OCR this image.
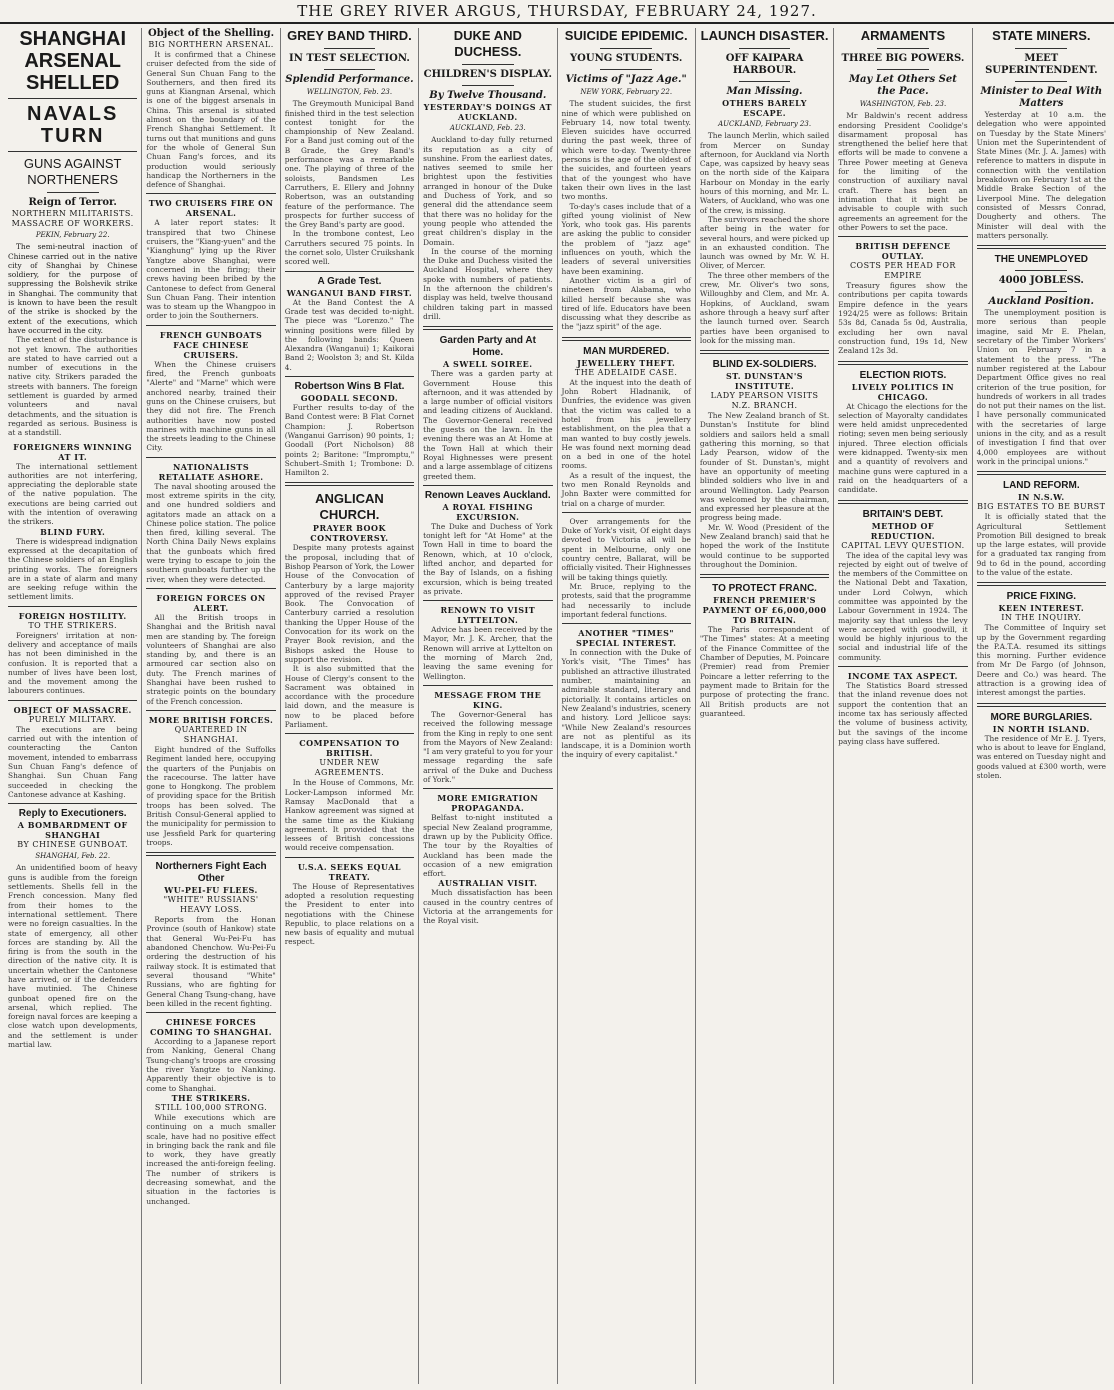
THE GREY RIVER ARGUS, THURSDAY, FEBRUARY 24, 1927.
SHANGHAI ARSENAL SHELLED
NAVALS TURN
GUNS AGAINST NORTHENERS
Reign of Terror.
NORTHERN MILITARISTS.
MASSACRE OF WORKERS.
PEKIN, February 22.

The semi-neutral inaction of Chinese carried out in the native city of Shanghai by Chinese soldiery, for the purpose of suppressing the Bolshevik strike in Shanghai. The community that is known to have been the result of the strike is shocked by the extent of the executions, which have occurred in the city.

The extent of the disturbance is not yet known. The authorities are stated to have carried out a number of executions in the native city. Strikers paraded the streets with banners. The foreign settlement is guarded by armed volunteers and naval detachments, and the situation is regarded as serious. Business is at a standstill.

FOREIGNERS WINNING AT IT.

The international settlement authorities are not interfering, appreciating the deplorable state of the native population. The executions are being carried out with the intention of overawing the strikers.

BLIND FURY.

There is widespread indignation expressed at the decapitation of the Chinese soldiers of an English printing works. The foreigners are in a state of alarm and many are seeking refuge within the settlement limits.

FOREIGN HOSTILITY.
TO THE STRIKERS.

Foreigners' irritation at non-delivery and acceptance of mails has not been diminished in the confusion. It is reported that a number of lives have been lost, and the movement among the labourers continues.

OBJECT OF MASSACRE.
PURELY MILITARY.

The executions are being carried out with the intention of counteracting the Canton movement, intended to embarrass Sun Chuan Fang's defence of Shanghai. Sun Chuan Fang succeeded in checking the Cantonese advance at Kashing.

Reply to Executioners.
A BOMBARDMENT OF SHANGHAI
BY CHINESE GUNBOAT.
SHANGHAI, Feb. 22.

An unidentified boom of heavy guns is audible from the foreign settlements. Shells fell in the French concession. Many fled from their homes to the international settlement. There were no foreign casualties. In the state of emergency, all other forces are standing by. All the firing is from the south in the direction of the native city. It is uncertain whether the Cantonese have arrived, or if the defenders have mutinied. The Chinese gunboat opened fire on the arsenal, which replied. The foreign naval forces are keeping a close watch upon developments, and the settlement is under martial law.

Object of the Shelling.
BIG NORTHERN ARSENAL.

It is confirmed that a Chinese cruiser defected from the side of General Sun Chuan Fang to the Southerners, and then fired its guns at Kiangnan Arsenal, which is one of the biggest arsenals in China. This arsenal is situated almost on the boundary of the French Shanghai Settlement. It turns out that munitions and guns for the whole of General Sun Chuan Fang's forces, and its production would seriously handicap the Northerners in the defence of Shanghai.

TWO CRUISERS FIRE ON ARSENAL.

A later report states: It transpired that two Chinese cruisers, the "Kiang-yuen" and the "Kianghung" lying up the River Yangtze above Shanghai, were concerned in the firing; their crews having been bribed by the Cantonese to defect from General Sun Chuan Fang. Their intention was to steam up the Whangpoo in order to join the Southerners.

FRENCH GUNBOATS FACE CHINESE CRUISERS.

When the Chinese cruisers fired, the French gunboats "Alerte" and "Marne" which were anchored nearby, trained their guns on the Chinese cruisers, but they did not fire. The French authorities have now posted marines with machine guns in all the streets leading to the Chinese City.

NATIONALISTS RETALIATE ASHORE.

The naval shooting aroused the most extreme spirits in the city, and one hundred soldiers and agitators made an attack on a Chinese police station. The police then fired, killing several. The North China Daily News explains that the gunboats which fired were trying to escape to join the southern gunboats further up the river, when they were detected.

FOREIGN FORCES ON ALERT.

All the British troops in Shanghai and the British naval men are standing by. The foreign volunteers of Shanghai are also standing by, and there is an armoured car section also on duty. The French marines of Shanghai have been rushed to strategic points on the boundary of the French concession.

MORE BRITISH FORCES.
QUARTERED IN SHANGHAI.

Eight hundred of the Suffolks Regiment landed here, occupying the quarters of the Punjabis on the racecourse. The latter have gone to Hongkong. The problem of providing space for the British troops has been solved. The British Consul-General applied to the municipality for permission to use Jessfield Park for quartering troops.

Northerners Fight Each Other
WU-PEI-FU FLEES.
"WHITE" RUSSIANS' HEAVY LOSS.

Reports from the Honan Province (south of Hankow) state that General Wu-Pei-Fu has abandoned Chenchow. Wu-Pei-Fu ordering the destruction of his railway stock. It is estimated that several thousand "White" Russians, who are fighting for General Chang Tsung-chang, have been killed in the recent fighting.

CHINESE FORCES COMING TO SHANGHAI.

According to a Japanese report from Nanking, General Chang Tsung-chang's troops are crossing the river Yangtze to Nanking. Apparently their objective is to come to Shanghai.

THE STRIKERS.
STILL 100,000 STRONG.

While executions which are continuing on a much smaller scale, have had no positive effect in bringing back the rank and file to work, they have greatly increased the anti-foreign feeling. The number of strikers is decreasing somewhat, and the situation in the factories is unchanged.

GREY BAND THIRD.
IN TEST SELECTION.
Splendid Performance.
WELLINGTON, Feb. 23.

The Greymouth Municipal Band finished third in the test selection contest tonight for the championship of New Zealand. For a Band just coming out of the B Grade, the Grey Band's performance was a remarkable one. The playing of three of the soloists, Bandsmen Les Carruthers, E. Ellery and Johnny Robertson, was an outstanding feature of the performance. The prospects for further success of the Grey Band's party are good.

In the trombone contest, Leo Carruthers secured 75 points. In the cornet solo, Ulster Cruikshank scored well.

A Grade Test.
WANGANUI BAND FIRST.

At the Band Contest the A Grade test was decided to-night. The piece was "Lorenzo." The winning positions were filled by the following bands: Queen Alexandra (Wanganui) 1; Kaikorai Band 2; Woolston 3; and St. Kilda 4.

Robertson Wins B Flat.
GOODALL SECOND.

Further results to-day of the Band Contest were: B Flat Cornet Champion: J. Robertson (Wanganui Garrison) 90 points, 1; Goodall (Port Nicholson) 88 points 2; Baritone: "Impromptu," Schubert–Smith 1; Trombone: D. Hamilton 2.

ANGLICAN CHURCH.
PRAYER BOOK CONTROVERSY.

Despite many protests against the proposal, including that of Bishop Pearson of York, the Lower House of the Convocation of Canterbury by a large majority approved of the revised Prayer Book. The Convocation of Canterbury carried a resolution thanking the Upper House of the Convocation for its work on the Prayer Book revision, and the Bishops asked the House to support the revision.

It is also submitted that the House of Clergy's consent to the Sacrament was obtained in accordance with the procedure laid down, and the measure is now to be placed before Parliament.

COMPENSATION TO BRITISH.
UNDER NEW AGREEMENTS.

In the House of Commons, Mr. Locker-Lampson informed Mr. Ramsay MacDonald that a Hankow agreement was signed at the same time as the Kiukiang agreement. It provided that the lessees of British concessions would receive compensation.

U.S.A. SEEKS EQUAL TREATY.

The House of Representatives adopted a resolution requesting the President to enter into negotiations with the Chinese Republic, to place relations on a new basis of equality and mutual respect.

DUKE AND DUCHESS.
CHILDREN'S DISPLAY.
By Twelve Thousand.
YESTERDAY'S DOINGS AT AUCKLAND.
AUCKLAND, Feb. 23.

Auckland to-day fully returned its reputation as a city of sunshine. From the earliest dates, natives seemed to smile her brightest upon the festivities arranged in honour of the Duke and Duchess of York, and so general did the attendance seem that there was no holiday for the young people who attended the great children's display in the Domain.

In the course of the morning the Duke and Duchess visited the Auckland Hospital, where they spoke with numbers of patients. In the afternoon the children's display was held, twelve thousand children taking part in massed drill.

Garden Party and At Home.
A SWELL SOIREE.

There was a garden party at Government House this afternoon, and it was attended by a large number of official visitors and leading citizens of Auckland. The Governor-General received the guests on the lawn. In the evening there was an At Home at the Town Hall at which their Royal Highnesses were present and a large assemblage of citizens greeted them.

Renown Leaves Auckland.
A ROYAL FISHING EXCURSION.

The Duke and Duchess of York tonight left for "At Home" at the Town Hall in time to board the Renown, which, at 10 o'clock, lifted anchor, and departed for the Bay of Islands, on a fishing excursion, which is being treated as private.

RENOWN TO VISIT LYTTELTON.

Advice has been received by the Mayor, Mr. J. K. Archer, that the Renown will arrive at Lyttelton on the morning of March 2nd, leaving the same evening for Wellington.

MESSAGE FROM THE KING.

The Governor-General has received the following message from the King in reply to one sent from the Mayors of New Zealand: "I am very grateful to you for your message regarding the safe arrival of the Duke and Duchess of York."

MORE EMIGRATION PROPAGANDA.

Belfast to-night instituted a special New Zealand programme, drawn up by the Publicity Office. The tour by the Royalties of Auckland has been made the occasion of a new emigration effort.

AUSTRALIAN VISIT.

Much dissatisfaction has been caused in the country centres of Victoria at the arrangements for the Royal visit.

SUICIDE EPIDEMIC.
YOUNG STUDENTS.
Victims of "Jazz Age."
NEW YORK, February 22.

The student suicides, the first nine of which were published on February 14, now total twenty. Eleven suicides have occurred during the past week, three of which were to-day. Twenty-three persons is the age of the oldest of the suicides, and fourteen years that of the youngest who have taken their own lives in the last two months.

To-day's cases include that of a gifted young violinist of New York, who took gas. His parents are asking the public to consider the problem of "jazz age" influences on youth, which the leaders of several universities have been examining.

Another victim is a girl of nineteen from Alabama, who killed herself because she was tired of life. Educators have been discussing what they describe as the "jazz spirit" of the age.

MAN MURDERED.
JEWELLERY THEFT.
THE ADELAIDE CASE.

At the inquest into the death of John Robert Hladnanik, of Dunfries, the evidence was given that the victim was called to a hotel from his jewellery establishment, on the plea that a man wanted to buy costly jewels. He was found next morning dead on a bed in one of the hotel rooms.

As a result of the inquest, the two men Ronald Reynolds and John Baxter were committed for trial on a charge of murder.

Over arrangements for the Duke of York's visit, Of eight days devoted to Victoria all will be spent in Melbourne, only one country centre, Ballarat, will be officially visited. Their Highnesses will be taking things quietly.

Mr. Bruce, replying to the protests, said that the programme had necessarily to include important federal functions.

ANOTHER "TIMES" SPECIAL INTEREST.

In connection with the Duke of York's visit, "The Times" has published an attractive illustrated number, maintaining an admirable standard, literary and pictorially. It contains articles on New Zealand's industries, scenery and history. Lord Jellicoe says: "While New Zealand's resources are not as plentiful as its landscape, it is a Dominion worth the inquiry of every capitalist."

LAUNCH DISASTER.
OFF KAIPARA HARBOUR.
Man Missing.
OTHERS BARELY ESCAPE.
AUCKLAND, February 23.

The launch Merlin, which sailed from Mercer on Sunday afternoon, for Auckland via North Cape, was capsized by heavy seas on the north side of the Kaipara Harbour on Monday in the early hours of this morning, and Mr. L. Waters, of Auckland, who was one of the crew, is missing.

The survivors reached the shore after being in the water for several hours, and were picked up in an exhausted condition. The launch was owned by Mr. W. H. Oliver, of Mercer.

The three other members of the crew, Mr. Oliver's two sons, Willoughby and Clem, and Mr. A. Hopkins, of Auckland, swam ashore through a heavy surf after the launch turned over. Search parties have been organised to look for the missing man.

BLIND EX-SOLDIERS.
ST. DUNSTAN'S INSTITUTE.
LADY PEARSON VISITS N.Z. BRANCH.

The New Zealand branch of St. Dunstan's Institute for blind soldiers and sailors held a small gathering this morning, so that Lady Pearson, widow of the founder of St. Dunstan's, might have an opportunity of meeting blinded soldiers who live in and around Wellington. Lady Pearson was welcomed by the chairman, and expressed her pleasure at the progress being made.

Mr. W. Wood (President of the New Zealand branch) said that he hoped the work of the Institute would continue to be supported throughout the Dominion.

TO PROTECT FRANC.
FRENCH PREMIER'S PAYMENT OF £6,000,000 TO BRITAIN.

The Paris correspondent of "The Times" states: At a meeting of the Finance Committee of the Chamber of Deputies, M. Poincare (Premier) read from Premier Poincare a letter referring to the payment made to Britain for the purpose of protecting the franc. All British products are not guaranteed.

ARMAMENTS
THREE BIG POWERS.
May Let Others Set the Pace.
WASHINGTON, Feb. 23.

Mr Baldwin's recent address endorsing President Coolidge's disarmament proposal has strengthened the belief here that efforts will be made to convene a Three Power meeting at Geneva for the limiting of the construction of auxiliary naval craft. There has been an intimation that it might be advisable to couple with such agreements an agreement for the other Powers to set the pace.

BRITISH DEFENCE OUTLAY.
COSTS PER HEAD FOR EMPIRE

Treasury figures show the contributions per capita towards Empire defence in the years 1924/25 were as follows: Britain 53s 8d, Canada 5s 0d, Australia, excluding her own naval construction fund, 19s 1d, New Zealand 12s 3d.

ELECTION RIOTS.
LIVELY POLITICS IN CHICAGO.

At Chicago the elections for the selection of Mayoralty candidates were held amidst unprecedented rioting; seven men being seriously injured. Three election officials were kidnapped. Twenty-six men and a quantity of revolvers and machine guns were captured in a raid on the headquarters of a candidate.

BRITAIN'S DEBT.
METHOD OF REDUCTION.
CAPITAL LEVY QUESTION.

The idea of the capital levy was rejected by eight out of twelve of the members of the Committee on the National Debt and Taxation, under Lord Colwyn, which committee was appointed by the Labour Government in 1924. The majority say that unless the levy were accepted with goodwill, it would be highly injurious to the social and industrial life of the community.

INCOME TAX ASPECT.

The Statistics Board stressed that the inland revenue does not support the contention that an income tax has seriously affected the volume of business activity, but the savings of the income paying class have suffered.

STATE MINERS.
MEET SUPERINTENDENT.
Minister to Deal With Matters

Yesterday at 10 a.m. the delegation who were appointed on Tuesday by the State Miners' Union met the Superintendent of State Mines (Mr. J. A. James) with reference to matters in dispute in connection with the ventilation breakdown on February 1st at the Middle Brake Section of the Liverpool Mine. The delegation consisted of Messrs Conrad, Dougherty and others. The Minister will deal with the matters personally.

THE UNEMPLOYED
4000 JOBLESS.
Auckland Position.

The unemployment position is more serious than people imagine, said Mr E. Phelan, secretary of the Timber Workers' Union on February 7 in a statement to the press. "The number registered at the Labour Department Office gives no real criterion of the true position, for hundreds of workers in all trades do not put their names on the list. I have personally communicated with the secretaries of large unions in the city, and as a result of investigation I find that over 4,000 employees are without work in the principal unions."

LAND REFORM.
IN N.S.W.
BIG ESTATES TO BE BURST

It is officially stated that the Agricultural Settlement Promotion Bill designed to break up the large estates, will provide for a graduated tax ranging from 9d to 6d in the pound, according to the value of the estate.

PRICE FIXING.
KEEN INTEREST.
IN THE INQUIRY.

The Committee of Inquiry set up by the Government regarding the P.A.T.A. resumed its sittings this morning. Further evidence from Mr De Fargo (of Johnson, Deere and Co.) was heard. The attraction is a growing idea of interest amongst the parties.

MORE BURGLARIES.
IN NORTH ISLAND.

The residence of Mr E. J. Tyers, who is about to leave for England, was entered on Tuesday night and goods valued at £300 worth, were stolen.
